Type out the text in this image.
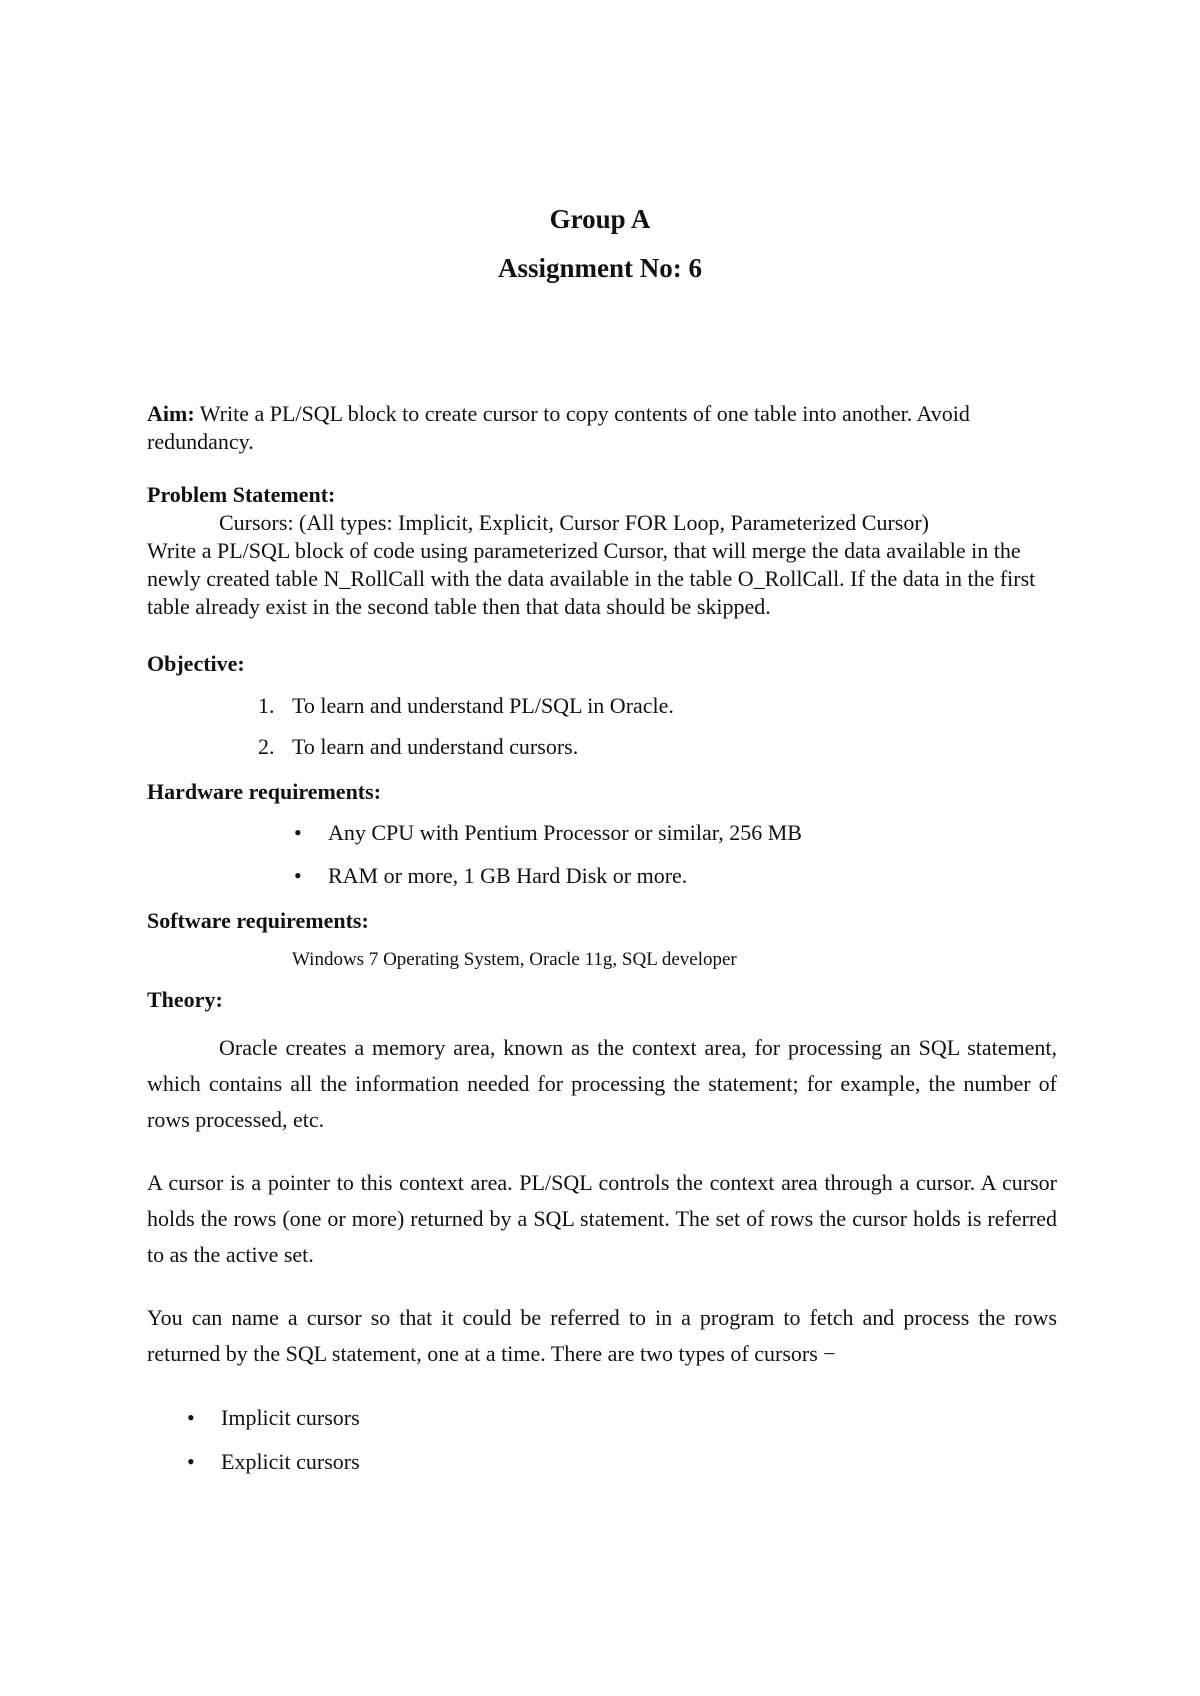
Group A
Assignment No: 6
Aim: Write a PL/SQL block to create cursor to copy contents of one table into another. Avoid redundancy.
Problem Statement:
Cursors: (All types: Implicit, Explicit, Cursor FOR Loop, Parameterized Cursor)
Write a PL/SQL block of code using parameterized Cursor, that will merge the data available in the newly created table N_RollCall with the data available in the table O_RollCall. If the data in the first table already exist in the second table then that data should be skipped.
Objective:
1. To learn and understand PL/SQL in Oracle.
2. To learn and understand cursors.
Hardware requirements:
• Any CPU with Pentium Processor or similar, 256 MB
• RAM or more, 1 GB Hard Disk or more.
Software requirements:
Windows 7 Operating System, Oracle 11g, SQL developer
Theory:
Oracle creates a memory area, known as the context area, for processing an SQL statement, which contains all the information needed for processing the statement; for example, the number of rows processed, etc.
A cursor is a pointer to this context area. PL/SQL controls the context area through a cursor. A cursor holds the rows (one or more) returned by a SQL statement. The set of rows the cursor holds is referred to as the active set.
You can name a cursor so that it could be referred to in a program to fetch and process the rows returned by the SQL statement, one at a time. There are two types of cursors −
• Implicit cursors
• Explicit cursors
